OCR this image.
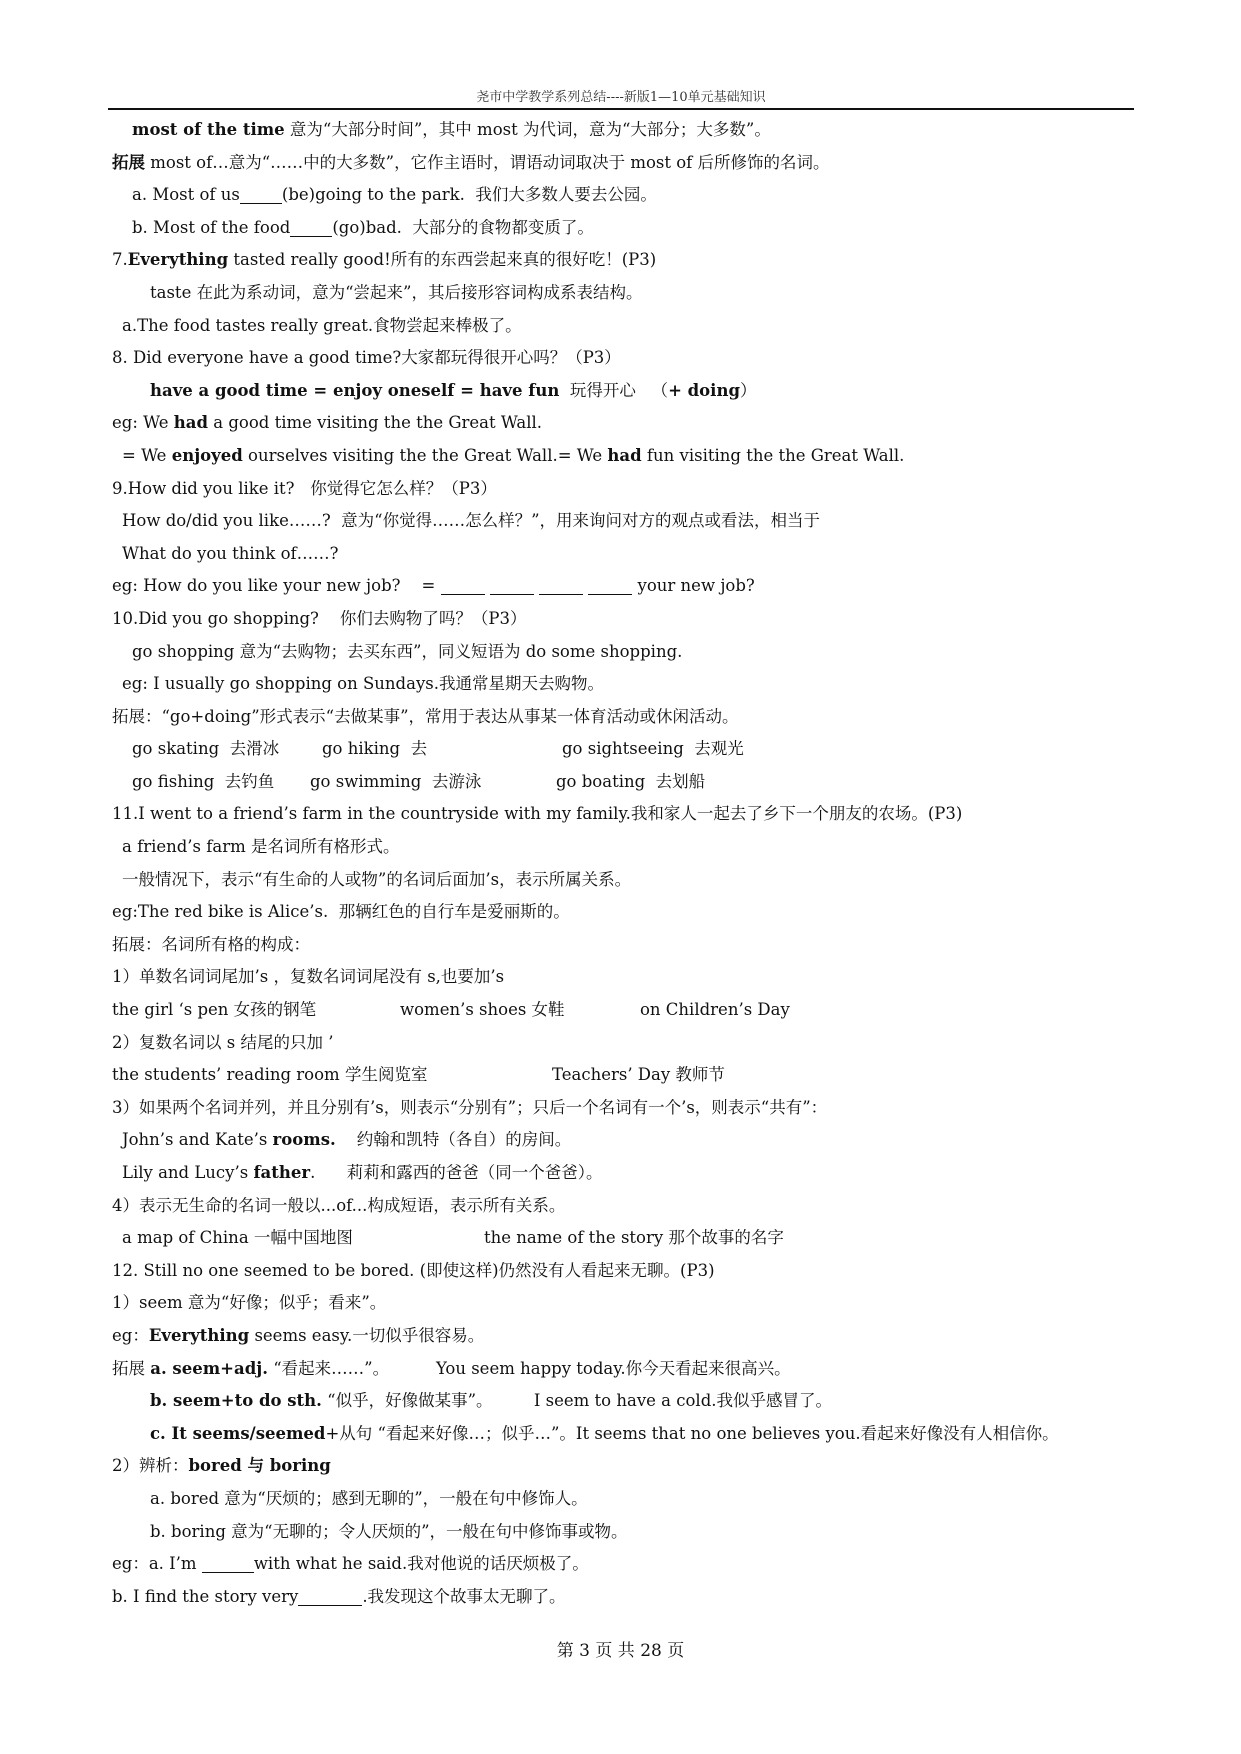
尧市中学教学系列总结----新版1—10单元基础知识
most of the time 意为“大部分时间”，其中 most 为代词，意为“大部分；大多数”。
拓展 most of…意为“……中的大多数”，它作主语时，谓语动词取决于 most of 后所修饰的名词。
a. Most of us	(be)going to the park.  我们大多数人要去公园。
b. Most of the food	(go)bad.  大部分的食物都变质了。
7.Everything tasted really good!所有的东西尝起来真的很好吃！(P3)
taste 在此为系动词，意为“尝起来”，其后接形容词构成系表结构。
a.The food tastes really great.食物尝起来棒极了。
8. Did everyone have a good time?大家都玩得很开心吗？（P3）
have a good time = enjoy oneself = have fun  玩得开心   （+ doing）
eg: We had a good time visiting the the Great Wall.
= We enjoyed ourselves visiting the the Great Wall.= We had fun visiting the the Great Wall.
9.How did you like it?   你觉得它怎么样？（P3）
How do/did you like……?  意为“你觉得……怎么样？”，用来询问对方的观点或看法，相当于
What do you think of……?
eg: How do you like your new job?    =	your new job?
10.Did you go shopping?    你们去购物了吗？（P3）
go shopping 意为“去购物；去买东西”，同义短语为 do some shopping.
eg: I usually go shopping on Sundays.我通常星期天去购物。
拓展：“go+doing”形式表示“去做某事”，常用于表达从事某一体育活动或休闲活动。
go skating  去滑冰	go hiking  去	go sightseeing  去观光
go fishing  去钓鱼 go swimming  去游泳	go boating  去划船
11.I went to a friend’s farm in the countryside with my family.我和家人一起去了乡下一个朋友的农场。(P3)
a friend’s farm 是名词所有格形式。
一般情况下，表示“有生命的人或物”的名词后面加’s，表示所属关系。
eg:The red bike is Alice’s.  那辆红色的自行车是爱丽斯的。
拓展：名词所有格的构成：
1）单数名词词尾加’s ，复数名词词尾没有 s,也要加’s
the girl ‘s pen 女孩的钢笔	women’s shoes 女鞋	on Children’s Day
2）复数名词以 s 结尾的只加 ’
the students’ reading room 学生阅览室	Teachers’ Day 教师节
3）如果两个名词并列，并且分别有’s，则表示“分别有”；只后一个名词有一个’s，则表示“共有”：
John’s and Kate’s rooms.    约翰和凯特（各自）的房间。
Lily and Lucy’s father.      莉莉和露西的爸爸（同一个爸爸）。
4）表示无生命的名词一般以...of...构成短语，表示所有关系。
a map of China 一幅中国地图	the name of the story 那个故事的名字
12. Still no one seemed to be bored. (即使这样)仍然没有人看起来无聊。(P3)
1）seem 意为“好像；似乎；看来”。
eg：Everything seems easy.一切似乎很容易。
拓展 a. seem+adj. “看起来……”。	You seem happy today.你今天看起来很高兴。
b. seem+to do sth. “似乎，好像做某事”。	I seem to have a cold.我似乎感冒了。
c. It seems/seemed+从句 “看起来好像…；似乎…”。It seems that no one believes you.看起来好像没有人相信你。
2）辨析：bored 与 boring
a. bored 意为“厌烦的；感到无聊的”，一般在句中修饰人。
b. boring 意为“无聊的；令人厌烦的”，一般在句中修饰事或物。
eg：a. I’m	with what he said.我对他说的话厌烦极了。
b. I find the story very	.我发现这个故事太无聊了。
第 3 页 共 28 页
